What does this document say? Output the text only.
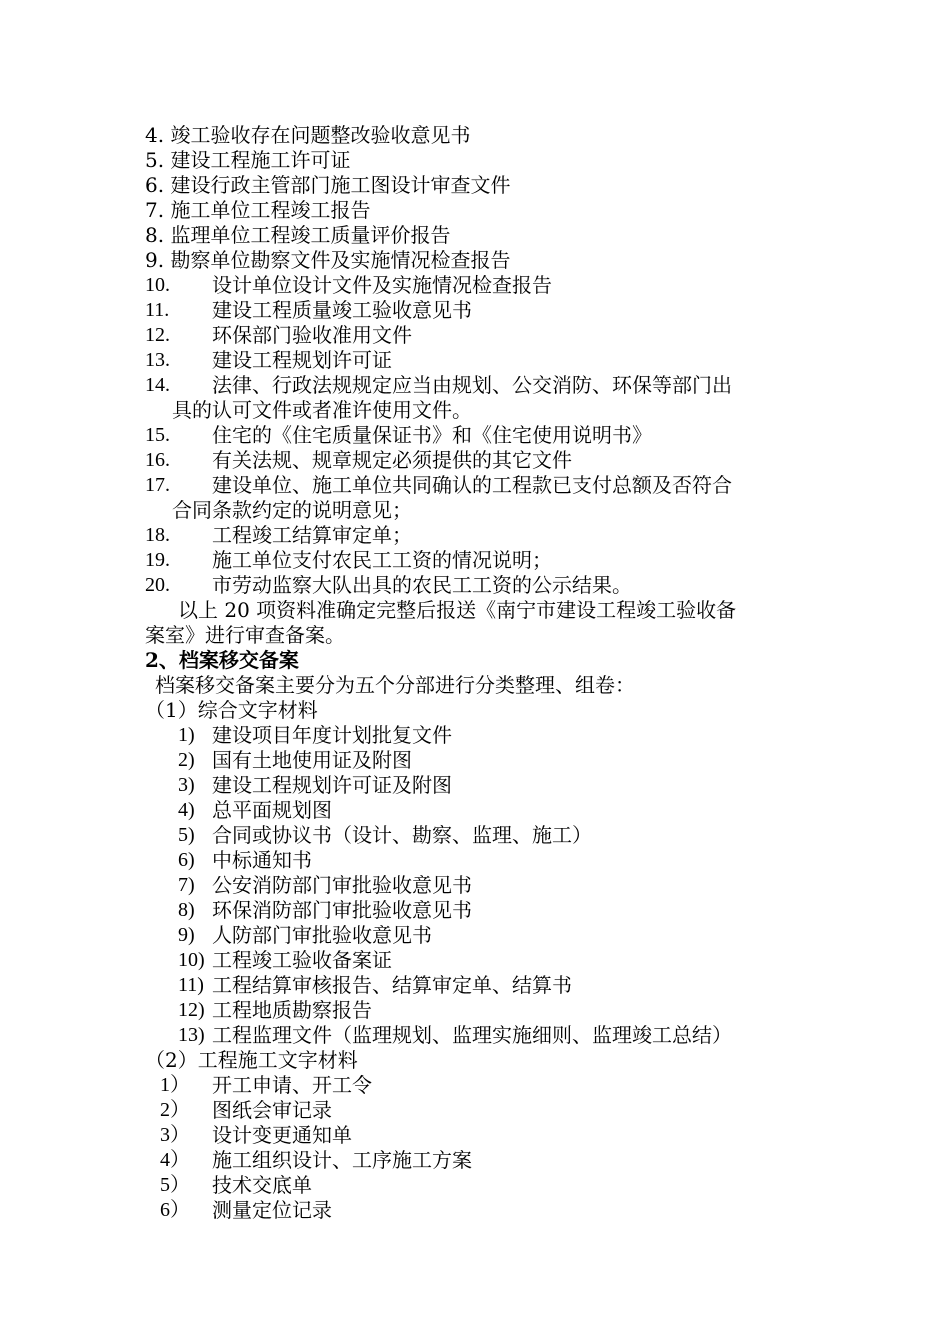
4. 竣工验收存在问题整改验收意见书
5. 建设工程施工许可证
6. 建设行政主管部门施工图设计审查文件
7. 施工单位工程竣工报告
8. 监理单位工程竣工质量评价报告
9. 勘察单位勘察文件及实施情况检查报告
10. 设计单位设计文件及实施情况检查报告
11. 建设工程质量竣工验收意见书
12. 环保部门验收准用文件
13. 建设工程规划许可证
14. 法律、行政法规规定应当由规划、公交消防、环保等部门出
具的认可文件或者准许使用文件。
15. 住宅的《住宅质量保证书》和《住宅使用说明书》
16. 有关法规、规章规定必须提供的其它文件
17. 建设单位、施工单位共同确认的工程款已支付总额及否符合
合同条款约定的说明意见；
18. 工程竣工结算审定单；
19. 施工单位支付农民工工资的情况说明；
20. 市劳动监察大队出具的农民工工资的公示结果。
以上 20 项资料准确定完整后报送《南宁市建设工程竣工验收备
案室》进行审查备案。
2、档案移交备案
档案移交备案主要分为五个分部进行分类整理、组卷：
（1）综合文字材料
1) 建设项目年度计划批复文件
2) 国有土地使用证及附图
3) 建设工程规划许可证及附图
4) 总平面规划图
5) 合同或协议书（设计、勘察、监理、施工）
6) 中标通知书
7) 公安消防部门审批验收意见书
8) 环保消防部门审批验收意见书
9) 人防部门审批验收意见书
10) 工程竣工验收备案证
11) 工程结算审核报告、结算审定单、结算书
12) 工程地质勘察报告
13) 工程监理文件（监理规划、监理实施细则、监理竣工总结）
（2）工程施工文字材料
1） 开工申请、开工令
2） 图纸会审记录
3） 设计变更通知单
4） 施工组织设计、工序施工方案
5） 技术交底单
6） 测量定位记录
